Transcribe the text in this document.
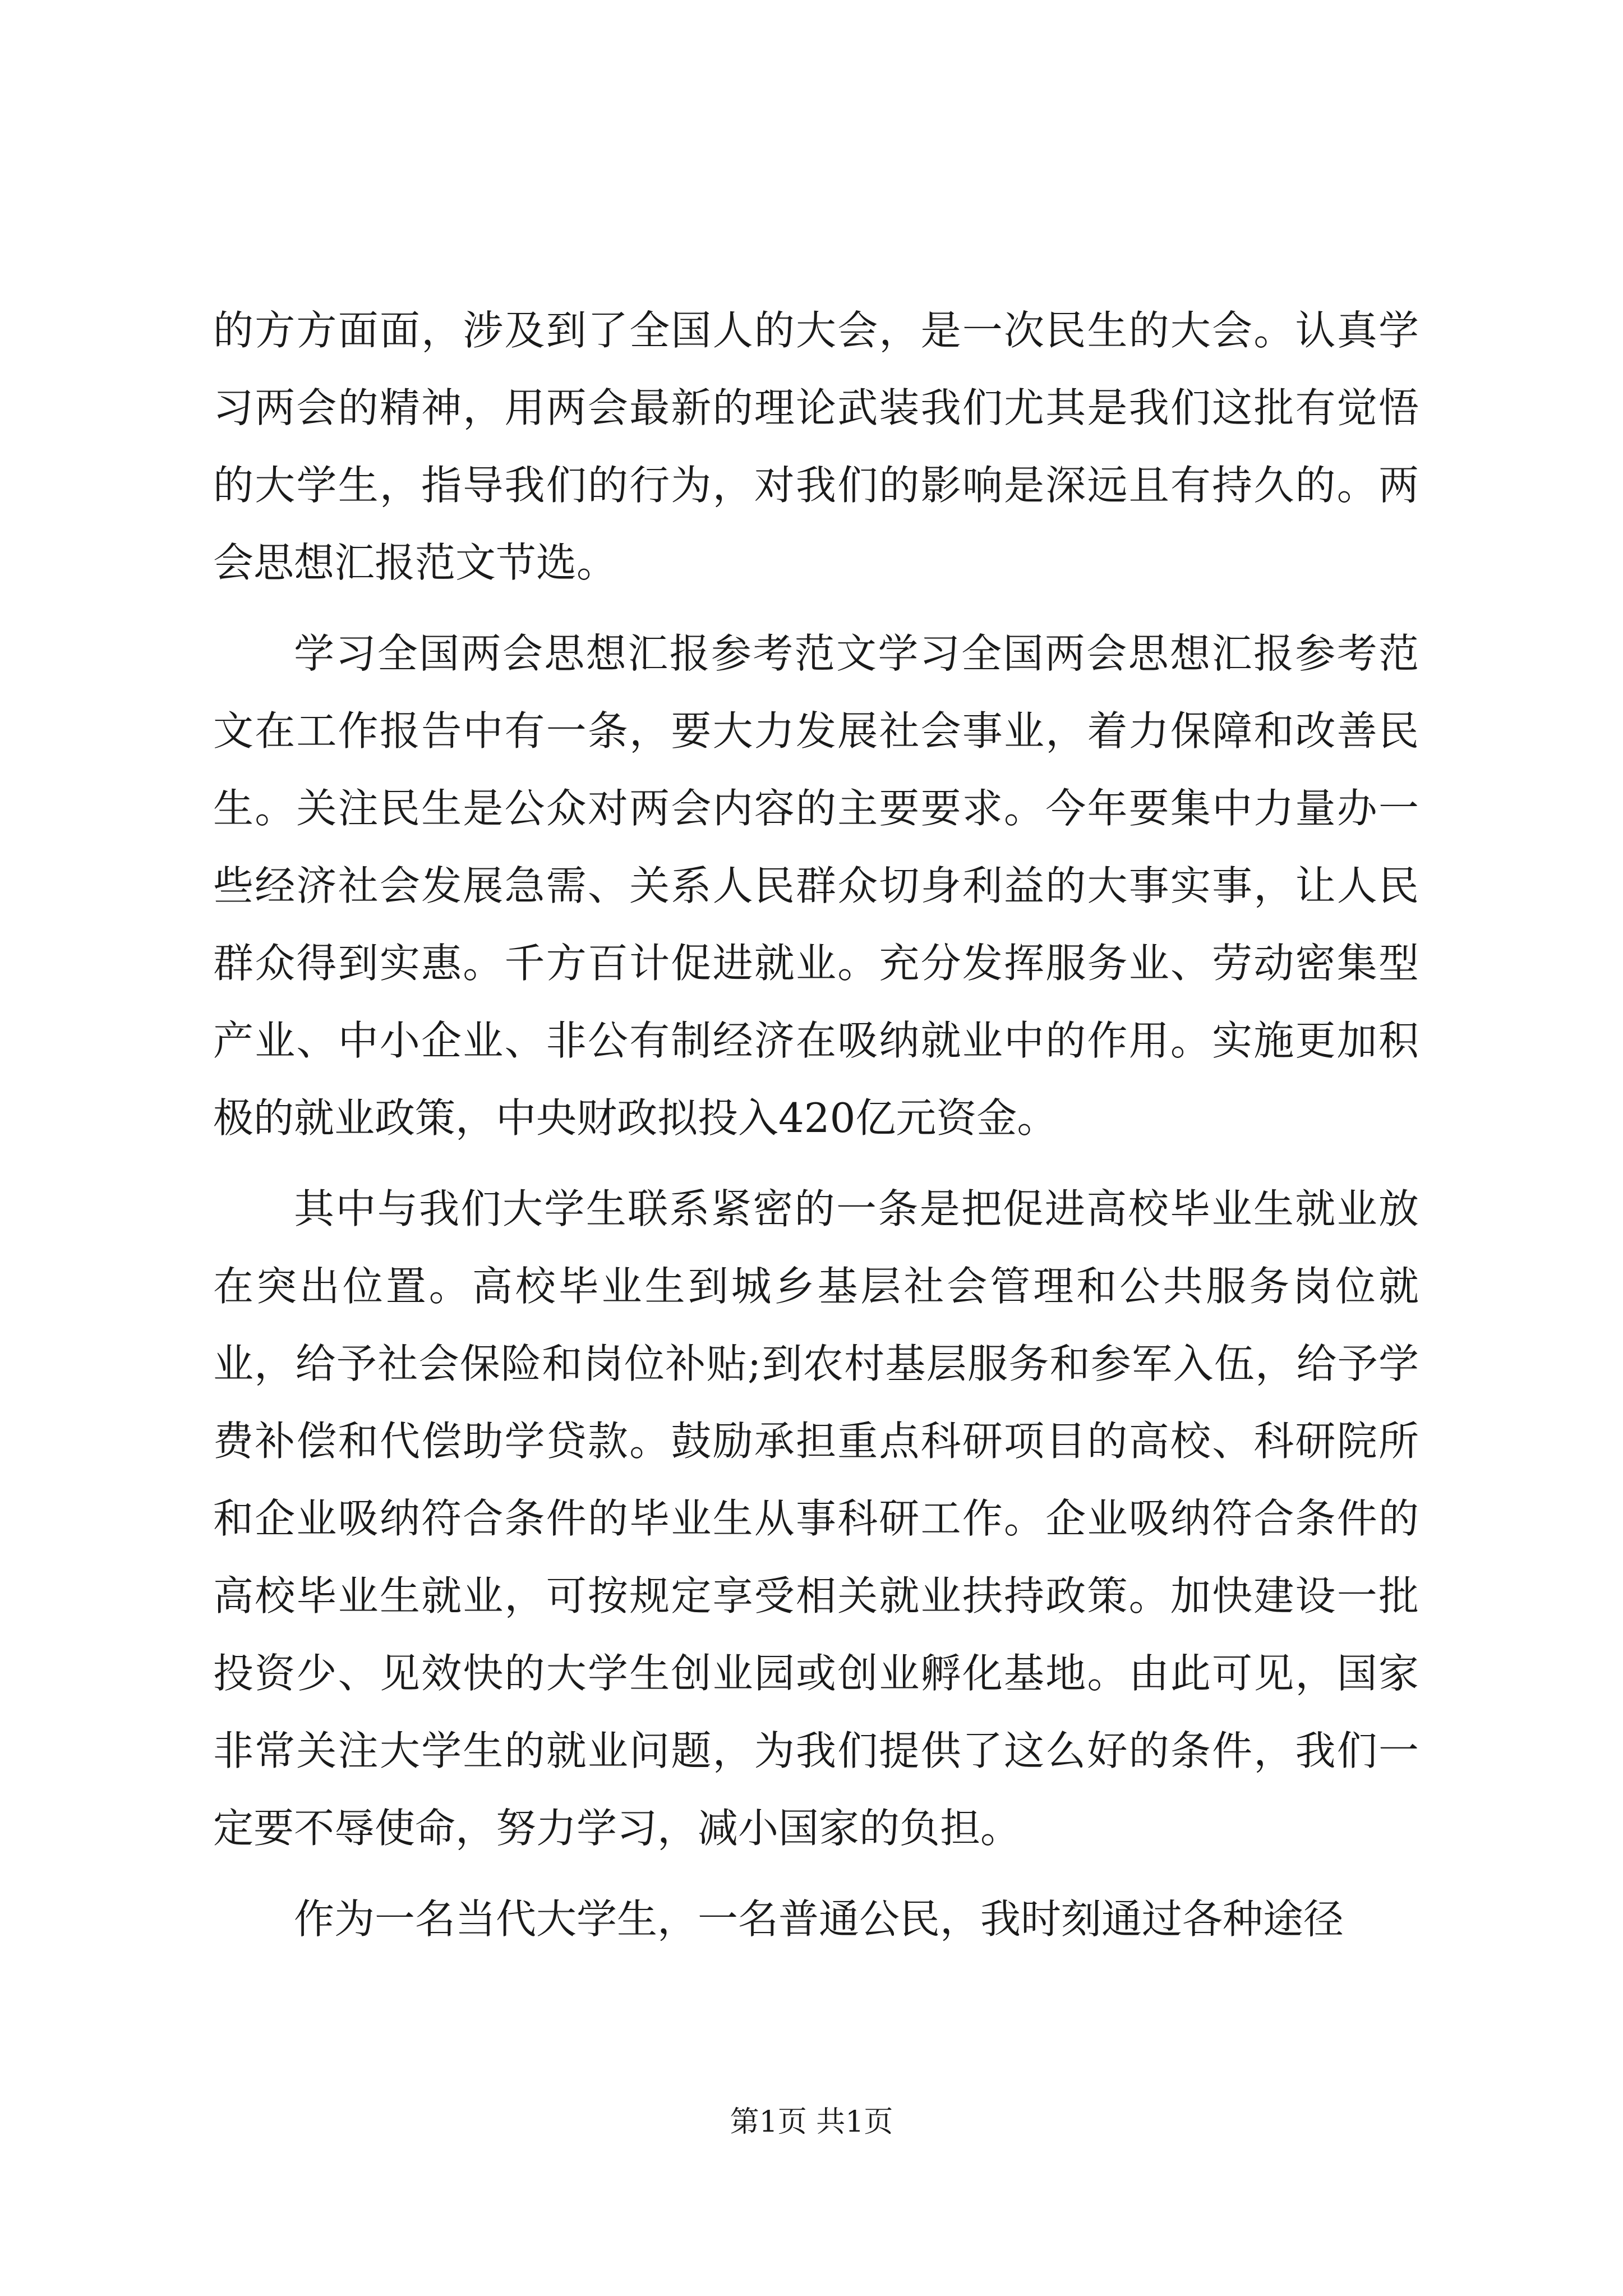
的方方面面，涉及到了全国人的大会，是一次民生的大会。认真学习两会的精神，用两会最新的理论武装我们尤其是我们这批有觉悟的大学生，指导我们的行为，对我们的影响是深远且有持久的。两会思想汇报范文节选。

学习全国两会思想汇报参考范文学习全国两会思想汇报参考范文在工作报告中有一条，要大力发展社会事业，着力保障和改善民生。关注民生是公众对两会内容的主要要求。今年要集中力量办一些经济社会发展急需、关系人民群众切身利益的大事实事，让人民群众得到实惠。千方百计促进就业。充分发挥服务业、劳动密集型产业、中小企业、非公有制经济在吸纳就业中的作用。实施更加积极的就业政策，中央财政拟投入420亿元资金。

其中与我们大学生联系紧密的一条是把促进高校毕业生就业放在突出位置。高校毕业生到城乡基层社会管理和公共服务岗位就业，给予社会保险和岗位补贴;到农村基层服务和参军入伍，给予学费补偿和代偿助学贷款。鼓励承担重点科研项目的高校、科研院所和企业吸纳符合条件的毕业生从事科研工作。企业吸纳符合条件的高校毕业生就业，可按规定享受相关就业扶持政策。加快建设一批投资少、见效快的大学生创业园或创业孵化基地。由此可见，国家非常关注大学生的就业问题，为我们提供了这么好的条件，我们一定要不辱使命，努力学习，减小国家的负担。

作为一名当代大学生，一名普通公民，我时刻通过各种途径

第1页 共1页
